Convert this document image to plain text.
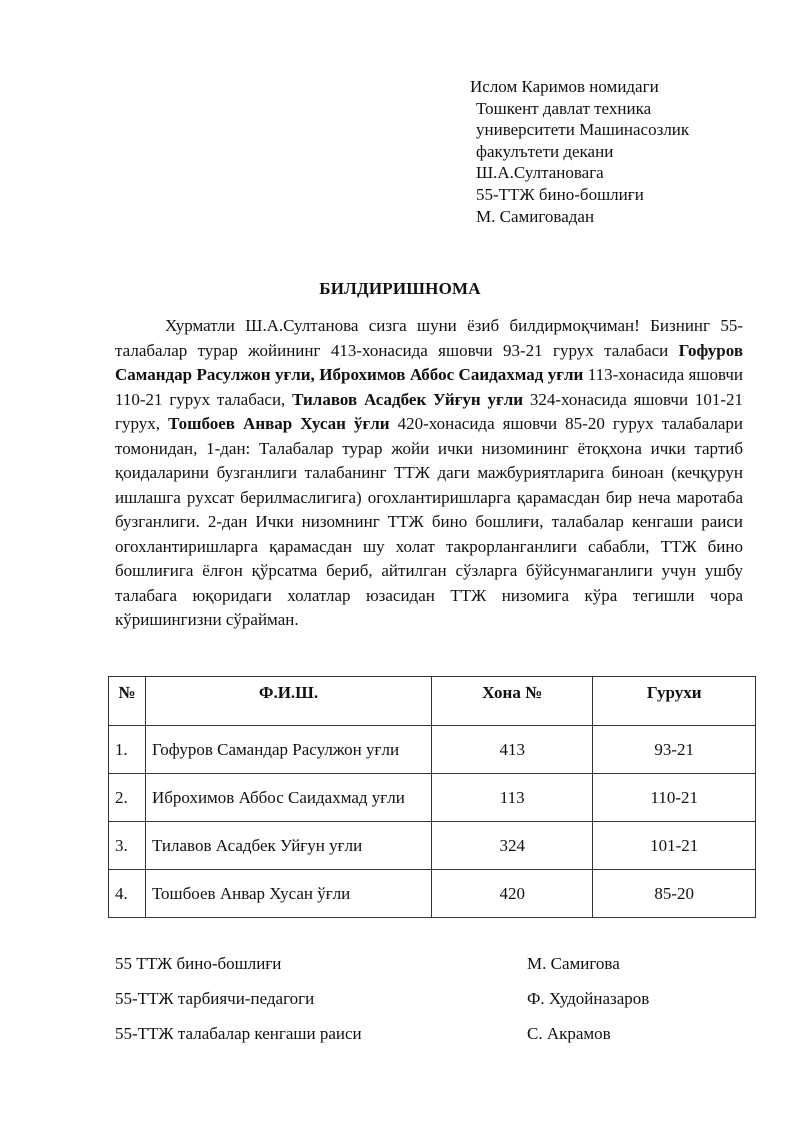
Ислом Каримов номидаги
Тошкент давлат техника
университети Машинасозлик
факулътети декани
Ш.А.Султановага
55-ТТЖ бино-бошлиғи
М. Самиговадан
БИЛДИРИШНОМА

Хурматли Ш.А.Султанова сизга шуни ёзиб билдирмоқчиман! Бизнинг 55-талабалар турар жойининг 413-хонасида яшовчи 93-21 гурух талабаси Гофуров Самандар Расулжон уғли, Иброхимов Аббос Саидахмад уғли 113-хонасида яшовчи 110-21 гурух талабаси, Тилавов Асадбек Уйғун уғли 324-хонасида яшовчи 101-21 гурух, Тошбоев Анвар Хусан ўғли 420-хонасида яшовчи 85-20 гурух талабалари томонидан, 1-дан: Талабалар турар жойи ички низомининг ётоқхона ички тартиб қоидаларини бузганлиги талабанинг ТТЖ даги мажбуриятларига биноан (кечқурун ишлашга рухсат берилмаслигига) огохлантиришларга қарамасдан бир неча маротаба бузганлиги. 2-дан Ички низомнинг ТТЖ бино бошлиғи, талабалар кенгаши раиси огохлантиришларга қарамасдан шу холат такрорланганлиги сабабли, ТТЖ бино бошлиғига ёлғон қўрсатма бериб, айтилган сўзларга бўйсунмаганлиги учун ушбу талабага юқоридаги холатлар юзасидан ТТЖ низомига кўра тегишли чора кўришингизни сўрайман.

№	Ф.И.Ш.	Хона №	Гурухи
1.	Гофуров Самандар Расулжон уғли	413	93-21
2.	Иброхимов Аббос Саидахмад уғли	113	110-21
3.	Тилавов Асадбек Уйғун уғли	324	101-21
4.	Тошбоев Анвар Хусан ўғли	420	85-20
55 ТТЖ бино-бошлиғи	М. Самигова
55-ТТЖ тарбиячи-педагоги	Ф. Худойназаров
55-ТТЖ талабалар кенгаши раиси	С. Акрамов
